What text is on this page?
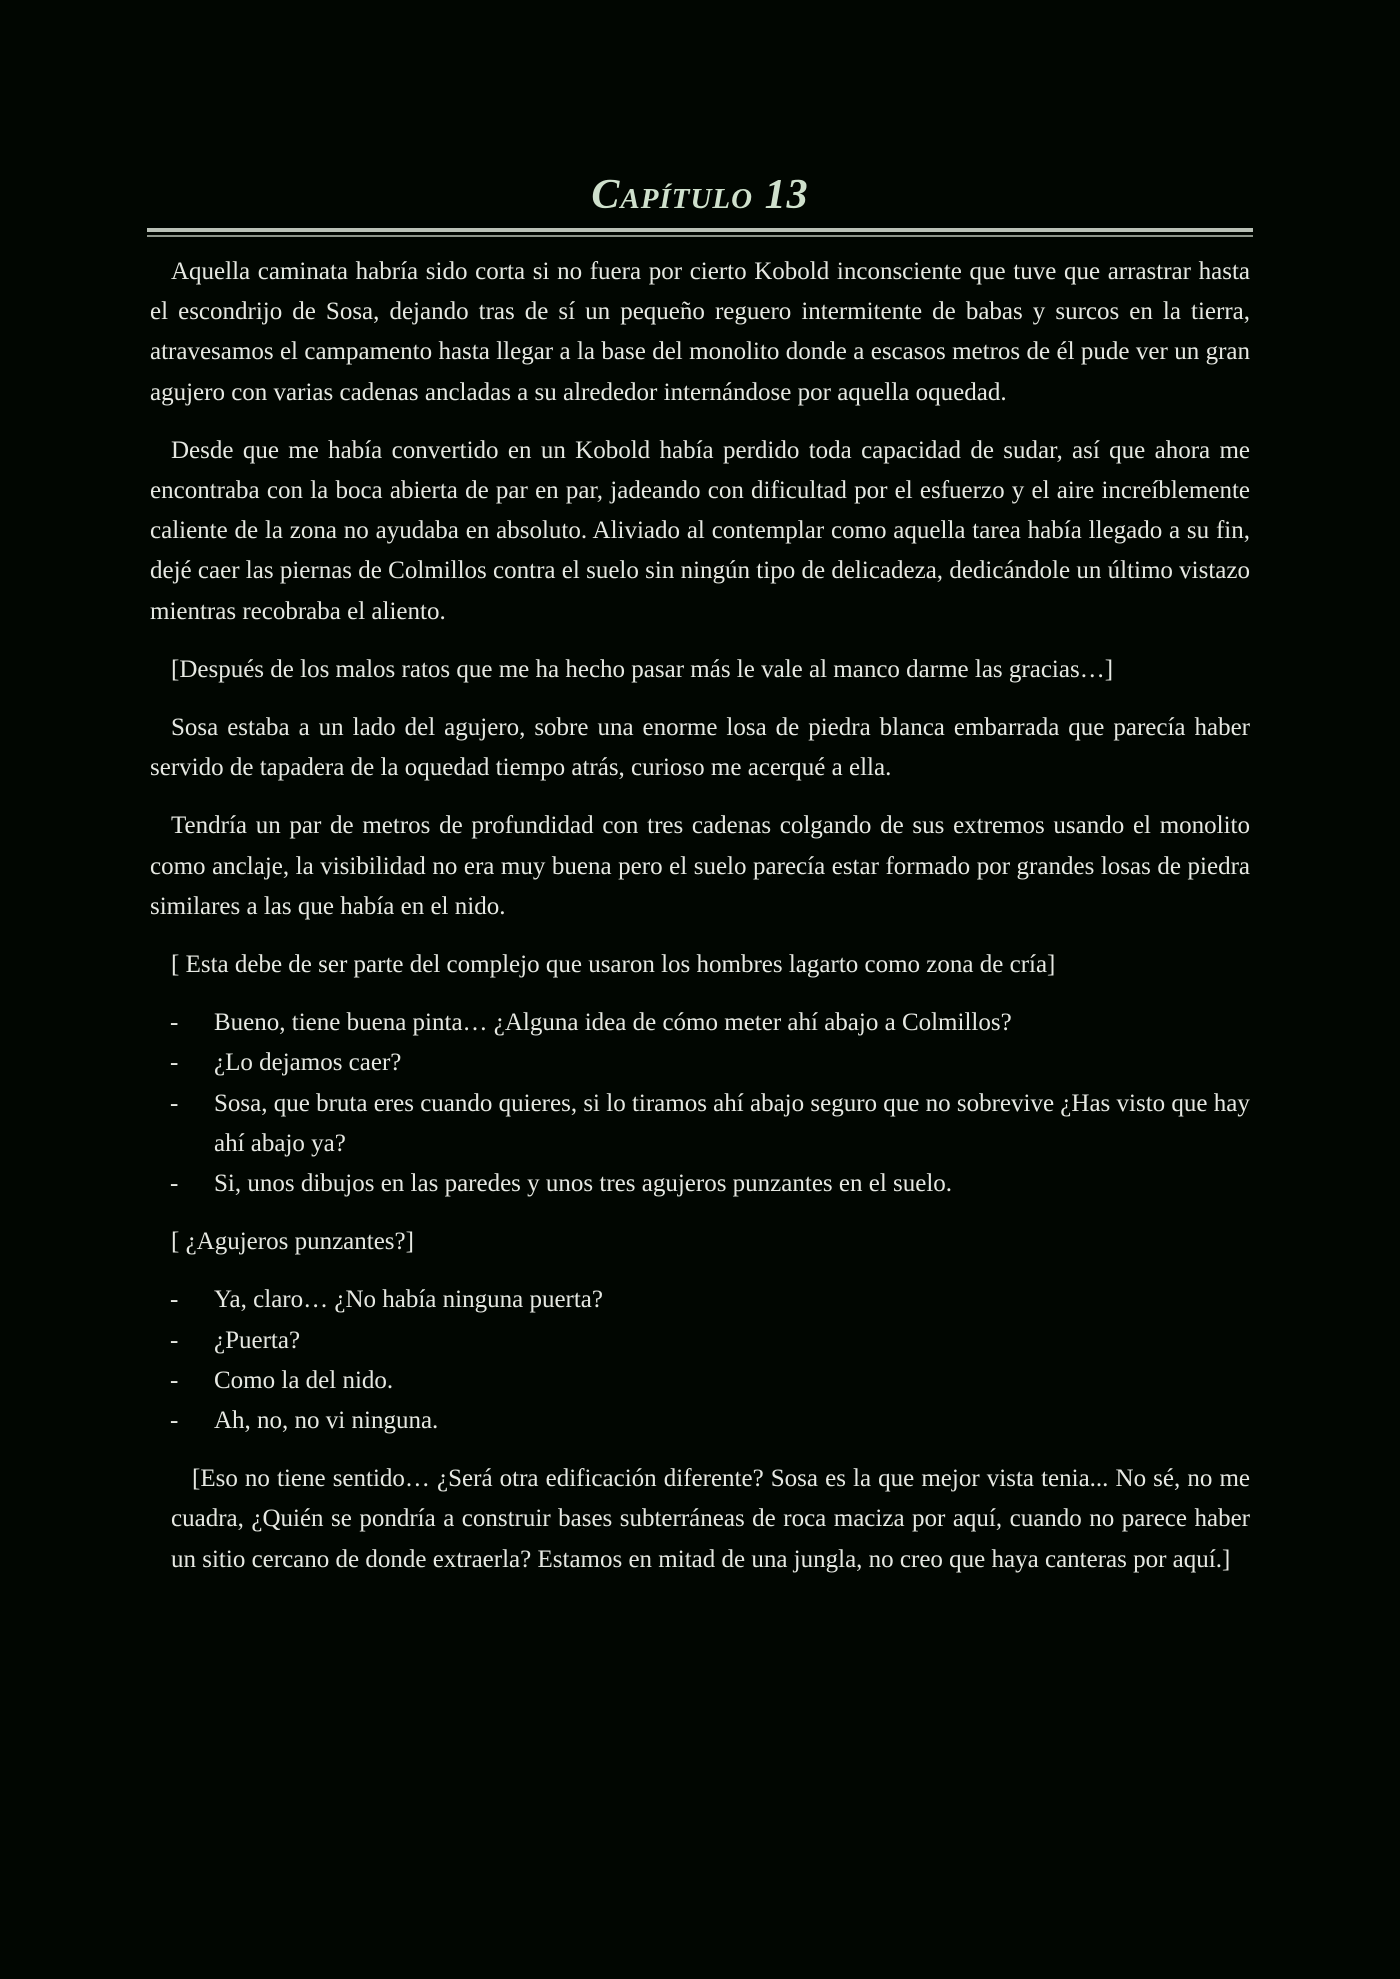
Capítulo 13

Aquella caminata habría sido corta si no fuera por cierto Kobold inconsciente que tuve que arrastrar hasta el escondrijo de Sosa, dejando tras de sí un pequeño reguero intermitente de babas y surcos en la tierra, atravesamos el campamento hasta llegar a la base del monolito donde a escasos metros de él pude ver un gran agujero con varias cadenas ancladas a su alrededor internándose por aquella oquedad.

Desde que me había convertido en un Kobold había perdido toda capacidad de sudar, así que ahora me encontraba con la boca abierta de par en par, jadeando con dificultad por el esfuerzo y el aire increíblemente caliente de la zona no ayudaba en absoluto. Aliviado al contemplar como aquella tarea había llegado a su fin, dejé caer las piernas de Colmillos contra el suelo sin ningún tipo de delicadeza, dedicándole un último vistazo mientras recobraba el aliento.

[Después de los malos ratos que me ha hecho pasar más le vale al manco darme las gracias…]

Sosa estaba a un lado del agujero, sobre una enorme losa de piedra blanca embarrada que parecía haber servido de tapadera de la oquedad tiempo atrás, curioso me acerqué a ella.

Tendría un par de metros de profundidad con tres cadenas colgando de sus extremos usando el monolito como anclaje, la visibilidad no era muy buena pero el suelo parecía estar formado por grandes losas de piedra similares a las que había en el nido.

[ Esta debe de ser parte del complejo que usaron los hombres lagarto como zona de cría]

- Bueno, tiene buena pinta… ¿Alguna idea de cómo meter ahí abajo a Colmillos?
- ¿Lo dejamos caer?
- Sosa, que bruta eres cuando quieres, si lo tiramos ahí abajo seguro que no sobrevive ¿Has visto que hay ahí abajo ya?
- Si, unos dibujos en las paredes y unos tres agujeros punzantes en el suelo.

[ ¿Agujeros punzantes?]

- Ya, claro… ¿No había ninguna puerta?
- ¿Puerta?
- Como la del nido.
- Ah, no, no vi ninguna.

[Eso no tiene sentido… ¿Será otra edificación diferente? Sosa es la que mejor vista tenia... No sé, no me cuadra, ¿Quién se pondría a construir bases subterráneas de roca maciza por aquí, cuando no parece haber un sitio cercano de donde extraerla? Estamos en mitad de una jungla, no creo que haya canteras por aquí.]
